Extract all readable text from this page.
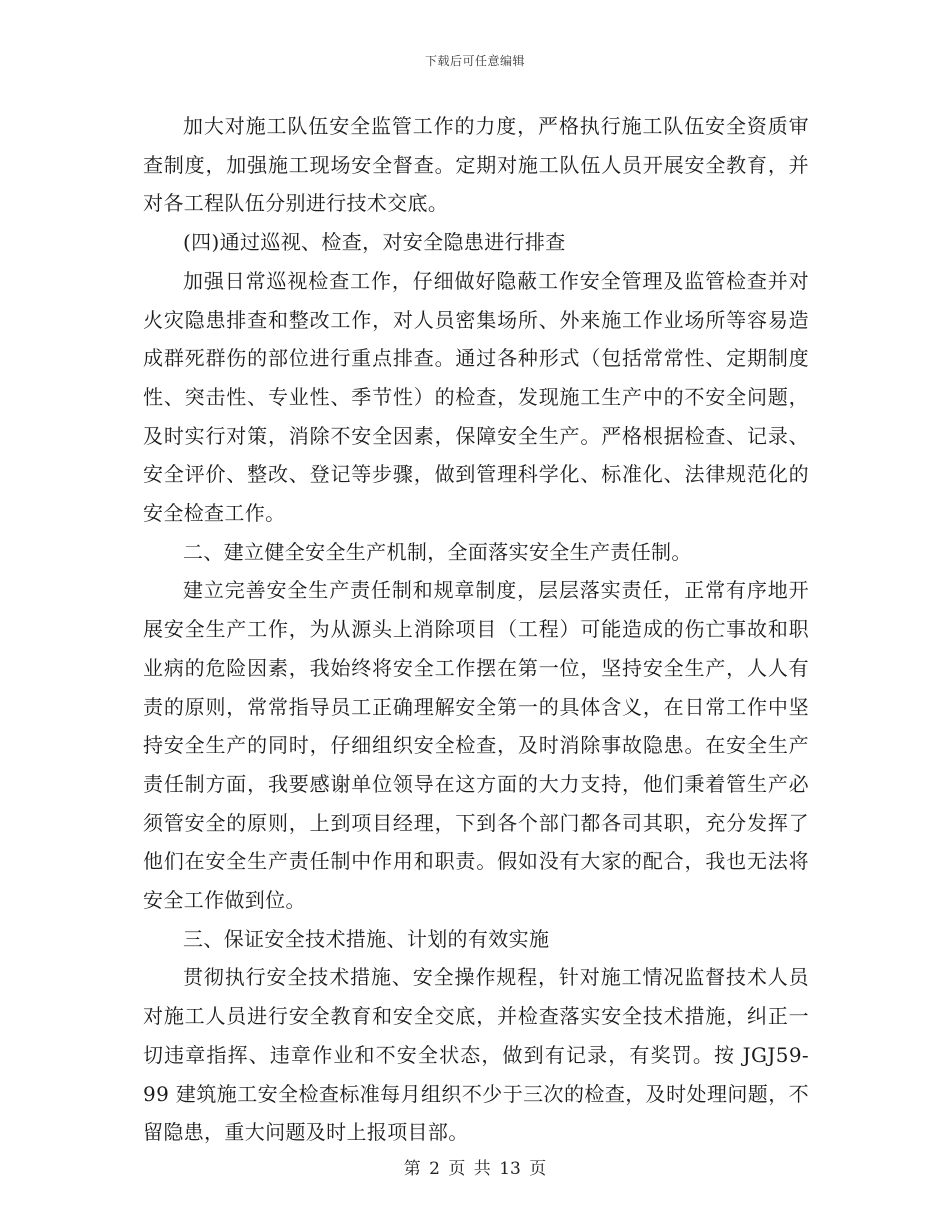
下载后可任意编辑

加大对施工队伍安全监管工作的力度，严格执行施工队伍安全资质审查制度，加强施工现场安全督查。定期对施工队伍人员开展安全教育，并对各工程队伍分别进行技术交底。

(四)通过巡视、检查，对安全隐患进行排查

加强日常巡视检查工作，仔细做好隐蔽工作安全管理及监管检查并对火灾隐患排查和整改工作，对人员密集场所、外来施工作业场所等容易造成群死群伤的部位进行重点排查。通过各种形式（包括常常性、定期制度性、突击性、专业性、季节性）的检查，发现施工生产中的不安全问题，及时实行对策，消除不安全因素，保障安全生产。严格根据检查、记录、安全评价、整改、登记等步骤，做到管理科学化、标准化、法律规范化的安全检查工作。

二、建立健全安全生产机制，全面落实安全生产责任制。

建立完善安全生产责任制和规章制度，层层落实责任，正常有序地开展安全生产工作，为从源头上消除项目（工程）可能造成的伤亡事故和职业病的危险因素，我始终将安全工作摆在第一位，坚持安全生产，人人有责的原则，常常指导员工正确理解安全第一的具体含义，在日常工作中坚持安全生产的同时，仔细组织安全检查，及时消除事故隐患。在安全生产责任制方面，我要感谢单位领导在这方面的大力支持，他们秉着管生产必须管安全的原则，上到项目经理，下到各个部门都各司其职，充分发挥了他们在安全生产责任制中作用和职责。假如没有大家的配合，我也无法将安全工作做到位。

三、保证安全技术措施、计划的有效实施

贯彻执行安全技术措施、安全操作规程，针对施工情况监督技术人员对施工人员进行安全教育和安全交底，并检查落实安全技术措施，纠正一切违章指挥、违章作业和不安全状态，做到有记录，有奖罚。按 JGJ59-99 建筑施工安全检查标准每月组织不少于三次的检查，及时处理问题，不留隐患，重大问题及时上报项目部。

第 2 页 共 13 页
